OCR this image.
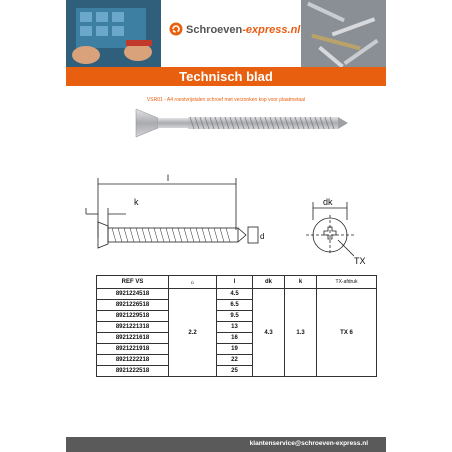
Schroeven-express.nl
Technisch blad
VSR01 - A4 roestvrijstalen schroef met verzonken kop voor plaatmetaal
l
k
d
dk
TX
REF VS	D	l	dk	k	TX-afdruk
8921224518	2.2	4.5	4.3	1.3	TX 6
8921226518		6.5			
8921229518		9.5			
8921221318		13			
8921221618		16			
8921221918		19			
8921222218		22			
8921222518		25			
klantenservice@schroeven-express.nl
